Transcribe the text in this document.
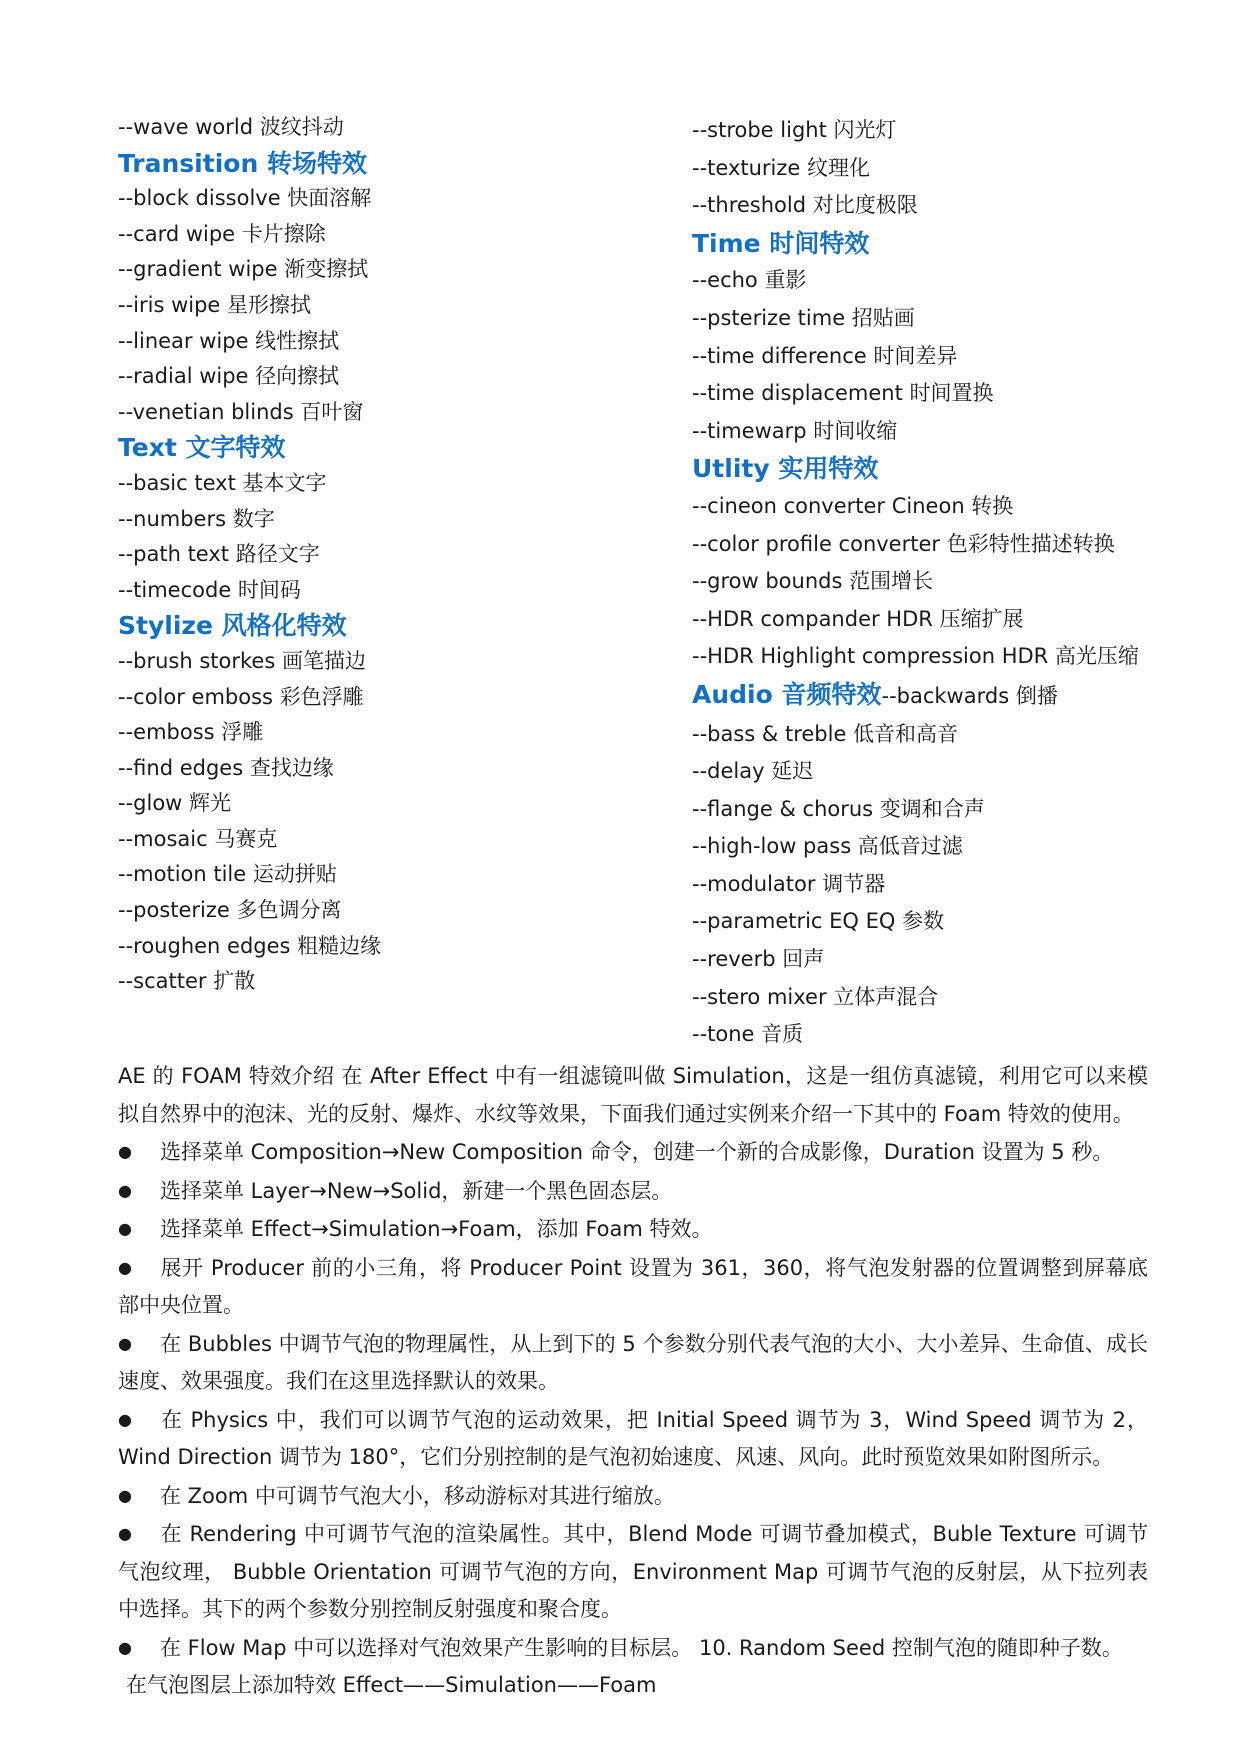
--wave world 波纹抖动
Transition 转场特效
--block dissolve 快面溶解
--card wipe 卡片擦除
--gradient wipe 渐变擦拭
--iris wipe 星形擦拭
--linear wipe 线性擦拭
--radial wipe 径向擦拭
--venetian blinds 百叶窗
Text 文字特效
--basic text 基本文字
--numbers 数字
--path text 路径文字
--timecode 时间码
Stylize 风格化特效
--brush storkes 画笔描边
--color emboss 彩色浮雕
--emboss 浮雕
--find edges 查找边缘
--glow 辉光
--mosaic 马赛克
--motion tile 运动拼贴
--posterize 多色调分离
--roughen edges 粗糙边缘
--scatter 扩散
--strobe light 闪光灯
--texturize 纹理化
--threshold 对比度极限
Time 时间特效
--echo 重影
--psterize time 招贴画
--time difference 时间差异
--time displacement 时间置换
--timewarp 时间收缩
Utlity 实用特效
--cineon converter Cineon 转换
--color profile converter 色彩特性描述转换
--grow bounds 范围增长
--HDR compander HDR 压缩扩展
--HDR Highlight compression HDR 高光压缩
Audio 音频特效--backwards 倒播
--bass & treble 低音和高音
--delay 延迟
--flange & chorus 变调和合声
--high-low pass 高低音过滤
--modulator 调节器
--parametric EQ EQ 参数
--reverb 回声
--stero mixer 立体声混合
--tone 音质

AE 的 FOAM 特效介绍 在 After Effect 中有一组滤镜叫做 Simulation，这是一组仿真滤镜，利用它可以来模拟自然界中的泡沫、光的反射、爆炸、水纹等效果，下面我们通过实例来介绍一下其中的 Foam 特效的使用。

● 选择菜单 Composition→New Composition 命令，创建一个新的合成影像，Duration 设置为 5 秒。

● 选择菜单 Layer→New→Solid，新建一个黑色固态层。

● 选择菜单 Effect→Simulation→Foam，添加 Foam 特效。

● 展开 Producer 前的小三角，将 Producer Point 设置为 361，360，将气泡发射器的位置调整到屏幕底部中央位置。

● 在 Bubbles 中调节气泡的物理属性，从上到下的 5 个参数分别代表气泡的大小、大小差异、生命值、成长速度、效果强度。我们在这里选择默认的效果。

● 在 Physics 中，我们可以调节气泡的运动效果，把 Initial Speed 调节为 3，Wind Speed 调节为 2，Wind Direction 调节为 180°，它们分别控制的是气泡初始速度、风速、风向。此时预览效果如附图所示。

● 在 Zoom 中可调节气泡大小，移动游标对其进行缩放。

● 在 Rendering 中可调节气泡的渲染属性。其中，Blend Mode 可调节叠加模式，Buble Texture 可调节气泡纹理， Bubble Orientation 可调节气泡的方向，Environment Map 可调节气泡的反射层，从下拉列表中选择。其下的两个参数分别控制反射强度和聚合度。

● 在 Flow Map 中可以选择对气泡效果产生影响的目标层。 10. Random Seed 控制气泡的随即种子数。

在气泡图层上添加特效 Effect——Simulation——Foam
